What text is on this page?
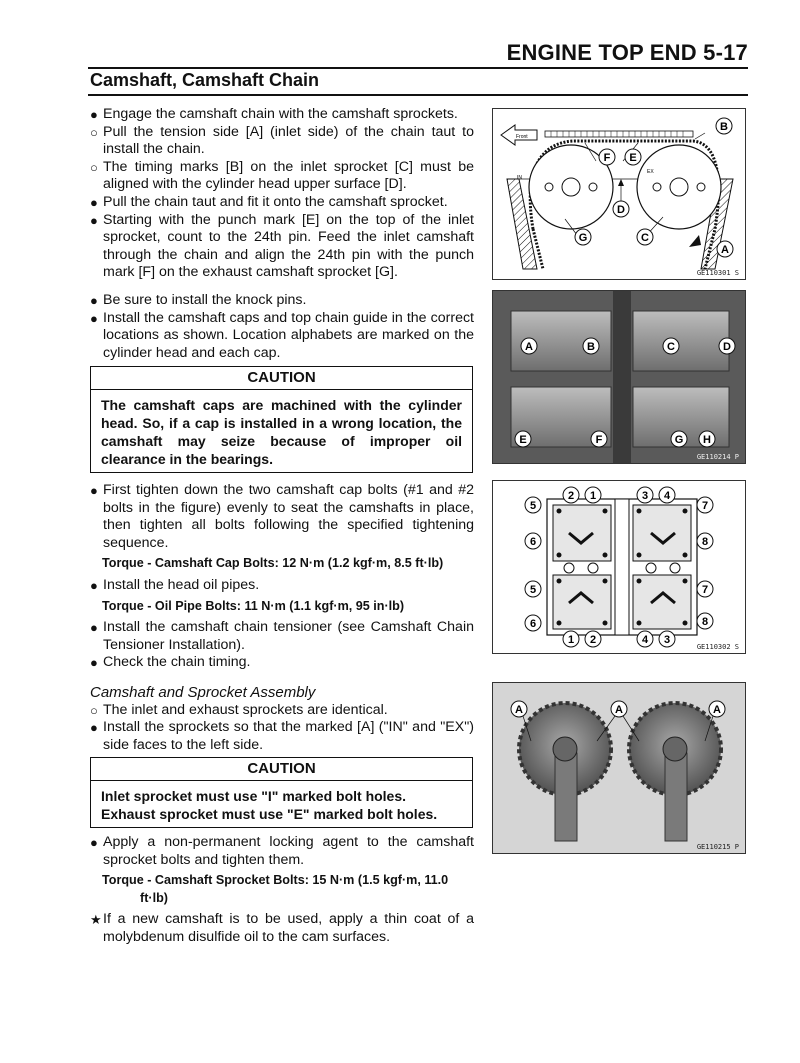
ENGINE TOP END 5-17
Camshaft, Camshaft Chain
● Engage the camshaft chain with the camshaft sprockets.
○ Pull the tension side [A] (inlet side) of the chain taut to install the chain.
○ The timing marks [B] on the inlet sprocket [C] must be aligned with the cylinder head upper surface [D].
● Pull the chain taut and fit it onto the camshaft sprocket.
● Starting with the punch mark [E] on the top of the inlet sprocket, count to the 24th pin. Feed the inlet camshaft through the chain and align the 24th pin with the punch mark [F] on the exhaust camshaft sprocket [G].
● Be sure to install the knock pins.
● Install the camshaft caps and top chain guide in the correct locations as shown. Location alphabets are marked on the cylinder head and each cap.
CAUTION
The camshaft caps are machined with the cylinder head. So, if a cap is installed in a wrong location, the camshaft may seize because of improper oil clearance in the bearings.
● First tighten down the two camshaft cap bolts (#1 and #2 bolts in the figure) evenly to seat the camshafts in place, then tighten all bolts following the specified tightening sequence.
Torque - Camshaft Cap Bolts: 12 N·m (1.2 kgf·m, 8.5 ft·lb)
● Install the head oil pipes.
Torque - Oil Pipe Bolts: 11 N·m (1.1 kgf·m, 95 in·lb)
● Install the camshaft chain tensioner (see Camshaft Chain Tensioner Installation).
● Check the chain timing.
Camshaft and Sprocket Assembly
○ The inlet and exhaust sprockets are identical.
● Install the sprockets so that the marked [A] ("IN" and "EX") side faces to the left side.
CAUTION
Inlet sprocket must use "I" marked bolt holes.
Exhaust sprocket must use "E" marked bolt holes.
● Apply a non-permanent locking agent to the camshaft sprocket bolts and tighten them.
Torque - Camshaft Sprocket Bolts: 15 N·m (1.5 kgf·m, 11.0
ft·lb)
★ If a new camshaft is to be used, apply a thin coat of a molybdenum disulfide oil to the cam surfaces.
Front
IN
EX
B
F E
D
G	C
A
GE110301 S
A	B	C	D
E	F	G H
GE110214 P
2 1	3 4
5	7
6	8
5	7
6	8
1 2	4 3
GE110302 S
A	A	A
GE110215 P
